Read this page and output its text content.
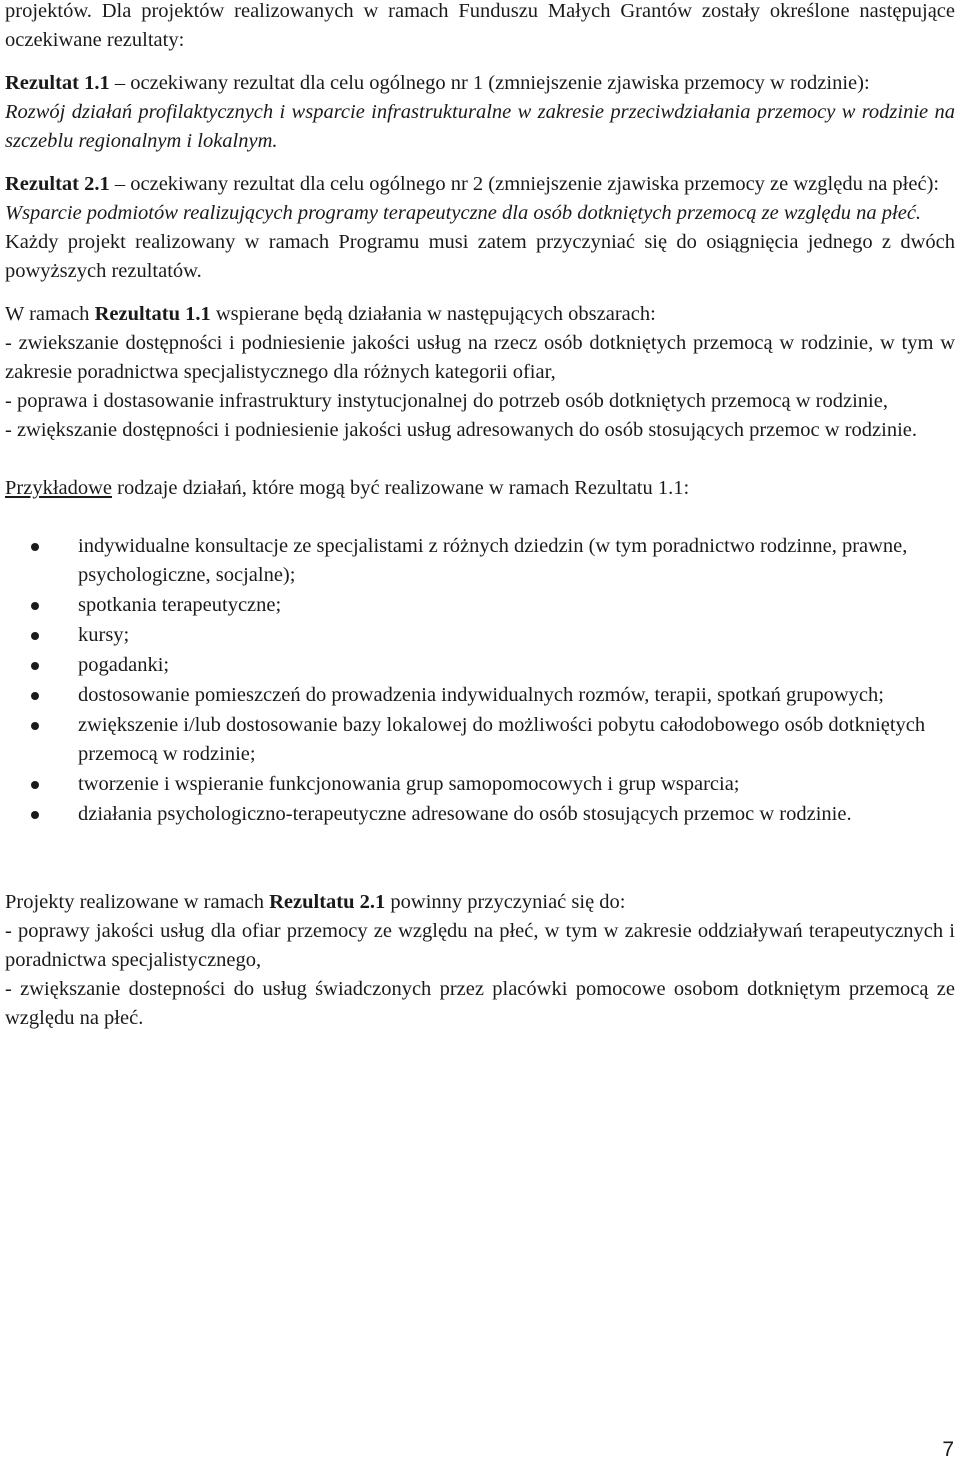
projektów. Dla projektów realizowanych w ramach Funduszu Małych Grantów zostały określone następujące oczekiwane rezultaty:

Rezultat 1.1 – oczekiwany rezultat dla celu ogólnego nr 1 (zmniejszenie zjawiska przemocy w rodzinie):

Rozwój działań profilaktycznych i wsparcie infrastrukturalne w zakresie przeciwdziałania przemocy w rodzinie na szczeblu regionalnym i lokalnym.

Rezultat 2.1 – oczekiwany rezultat dla celu ogólnego nr 2 (zmniejszenie zjawiska przemocy ze względu na płeć):

Wsparcie podmiotów realizujących programy terapeutyczne dla osób dotkniętych przemocą ze względu na płeć.

Każdy projekt realizowany w ramach Programu musi zatem przyczyniać się do osiągnięcia jednego z dwóch powyższych rezultatów.

W ramach Rezultatu 1.1 wspierane będą działania w następujących obszarach:

- zwiekszanie dostępności i podniesienie jakości usług na rzecz osób dotkniętych przemocą w rodzinie, w tym w zakresie poradnictwa specjalistycznego dla różnych kategorii ofiar,

- poprawa i dostasowanie infrastruktury instytucjonalnej do potrzeb osób dotkniętych przemocą w rodzinie,

- zwiększanie dostępności i podniesienie jakości usług adresowanych do osób stosujących przemoc w rodzinie.

Przykładowe rodzaje działań, które mogą być realizowane w ramach Rezultatu 1.1:

indywidualne konsultacje ze specjalistami z różnych dziedzin (w tym poradnictwo rodzinne, prawne, psychologiczne, socjalne);
spotkania terapeutyczne;
kursy;
pogadanki;
dostosowanie pomieszczeń do prowadzenia indywidualnych rozmów, terapii, spotkań grupowych;
zwiększenie i/lub dostosowanie bazy lokalowej do możliwości pobytu całodobowego osób dotkniętych przemocą w rodzinie;
tworzenie i wspieranie funkcjonowania grup samopomocowych i grup wsparcia;
działania psychologiczno-terapeutyczne adresowane do osób stosujących przemoc w rodzinie.

Projekty realizowane w ramach Rezultatu 2.1 powinny przyczyniać się do:

- poprawy jakości usług dla ofiar przemocy ze względu na płeć, w tym w zakresie oddziaływań terapeutycznych i poradnictwa specjalistycznego,

- zwiększanie dostepności do usług świadczonych przez placówki pomocowe osobom dotkniętym przemocą ze względu na płeć.

7
